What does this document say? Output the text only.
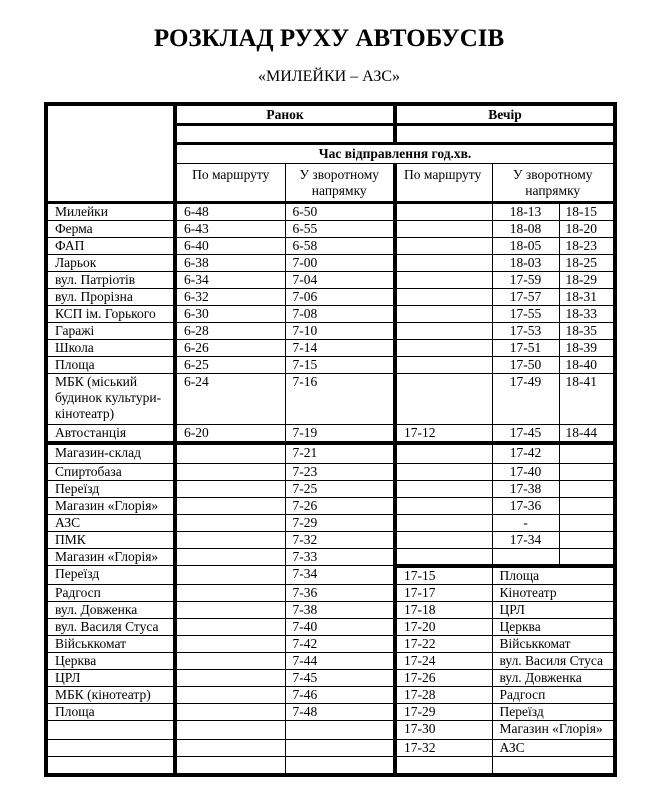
РОЗКЛАД РУХУ АВТОБУСІВ
«МИЛЕЙКИ – АЗС»
	Ранок		Вечір		

	Час відправлення год.хв.				
	По маршруту	У зворотному напрямку	По маршруту	У зворотному напрямку	
Милейки	6-48	6-50		18-13	18-15
Ферма	6-43	6-55		18-08	18-20
ФАП	6-40	6-58		18-05	18-23
Ларьок	6-38	7-00		18-03	18-25
вул. Патріотів	6-34	7-04		17-59	18-29
вул. Прорізна	6-32	7-06		17-57	18-31
КСП ім. Горького	6-30	7-08		17-55	18-33
Гаражі	6-28	7-10		17-53	18-35
Школа	6-26	7-14		17-51	18-39
Площа	6-25	7-15		17-50	18-40
МБК (міський будинок культури-кінотеатр)	6-24	7-16		17-49	18-41
Автостанція	6-20	7-19	17-12	17-45	18-44
Магазин-склад		7-21		17-42	
Спиртобаза		7-23		17-40	
Переїзд		7-25		17-38	
Магазин «Глорія»		7-26		17-36	
АЗС		7-29		-	
ПМК		7-32		17-34	
Магазин «Глорія»		7-33			
Переїзд		7-34	17-15	Площа	
Радгосп		7-36	17-17	Кінотеатр	
вул. Довженка		7-38	17-18	ЦРЛ	
вул. Василя Стуса		7-40	17-20	Церква	
Військкомат		7-42	17-22	Військкомат	
Церква		7-44	17-24	вул. Василя Стуса	
ЦРЛ		7-45	17-26	вул. Довженка	
МБК (кінотеатр)		7-46	17-28	Радгосп	
Площа		7-48	17-29	Переїзд	
			17-30	Магазин «Глорія»	
			17-32	АЗС	
